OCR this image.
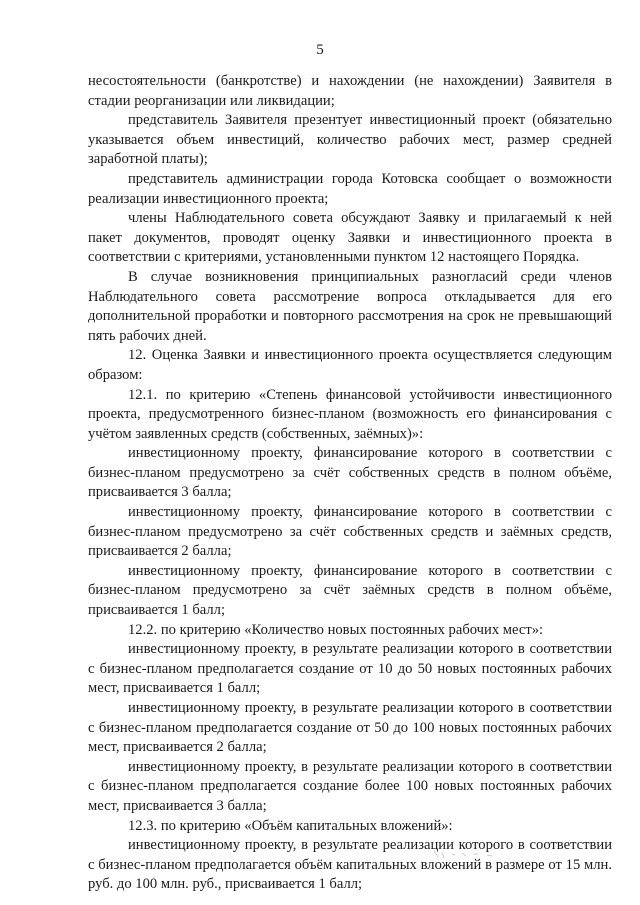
5

несостоятельности (банкротстве) и нахождении (не нахождении) Заявителя в стадии реорганизации или ликвидации;

представитель Заявителя презентует инвестиционный проект (обязательно указывается объем инвестиций, количество рабочих мест, размер средней заработной платы);

представитель администрации города Котовска сообщает о возможности реализации инвестиционного проекта;

члены Наблюдательного совета обсуждают Заявку и прилагаемый к ней пакет документов, проводят оценку Заявки и инвестиционного проекта в соответствии с критериями, установленными пунктом 12 настоящего Порядка.

В случае возникновения принципиальных разногласий среди членов Наблюдательного совета рассмотрение вопроса откладывается для его дополнительной проработки и повторного рассмотрения на срок не превышающий пять рабочих дней.

12. Оценка Заявки и инвестиционного проекта осуществляется следующим образом:

12.1. по критерию «Степень финансовой устойчивости инвестиционного проекта, предусмотренного бизнес-планом (возможность его финансирования с учётом заявленных средств (собственных, заёмных)»:

инвестиционному проекту, финансирование которого в соответствии с бизнес-планом предусмотрено за счёт собственных средств в полном объёме, присваивается 3 балла;

инвестиционному проекту, финансирование которого в соответствии с бизнес-планом предусмотрено за счёт собственных средств и заёмных средств, присваивается 2 балла;

инвестиционному проекту, финансирование которого в соответствии с бизнес-планом предусмотрено за счёт заёмных средств в полном объёме, присваивается 1 балл;

12.2. по критерию «Количество новых постоянных рабочих мест»:

инвестиционному проекту, в результате реализации которого в соответствии с бизнес-планом предполагается создание от 10 до 50 новых постоянных рабочих мест, присваивается 1 балл;

инвестиционному проекту, в результате реализации которого в соответствии с бизнес-планом предполагается создание от 50 до 100 новых постоянных рабочих мест, присваивается 2 балла;

инвестиционному проекту, в результате реализации которого в соответствии с бизнес-планом предполагается создание более 100 новых постоянных рабочих мест, присваивается 3 балла;

12.3. по критерию «Объём капитальных вложений»:

инвестиционному проекту, в результате реализации которого в соответствии с бизнес-планом предполагается объём капитальных вложений в размере от 15 млн. руб. до 100 млн. руб., присваивается 1 балл;
